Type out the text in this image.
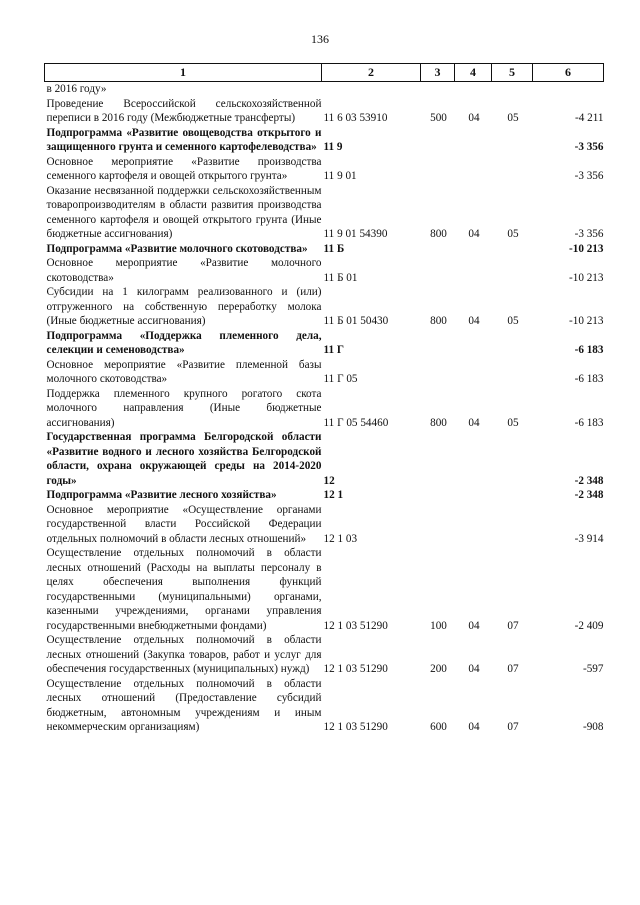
136
1	2	3	4	5	6
в 2016 году»					
Проведение Всероссийской сельскохозяйственной переписи в 2016 году (Межбюджетные трансферты)	11 6 03 53910	500	04	05	-4 211
Подпрограмма «Развитие овощеводства открытого и защищенного грунта и семенного картофелеводства»	11 9				-3 356
Основное мероприятие «Развитие производства семенного картофеля и овощей открытого грунта»	11 9 01				-3 356
Оказание несвязанной поддержки сельскохозяйственным товаропроизводителям в области развития производства семенного картофеля и овощей открытого грунта (Иные бюджетные ассигнования)	11 9 01 54390	800	04	05	-3 356
Подпрограмма «Развитие молочного скотоводства»	11 Б				-10 213
Основное мероприятие «Развитие молочного скотоводства»	11 Б 01				-10 213
Субсидии на 1 килограмм реализованного и (или) отгруженного на собственную переработку молока (Иные бюджетные ассигнования)	11 Б 01 50430	800	04	05	-10 213
Подпрограмма «Поддержка племенного дела, селекции и семеноводства»	11 Г				-6 183
Основное мероприятие «Развитие племенной базы молочного скотоводства»	11 Г 05				-6 183
Поддержка племенного крупного рогатого скота молочного направления (Иные бюджетные ассигнования)	11 Г 05 54460	800	04	05	-6 183
Государственная программа Белгородской области «Развитие водного и лесного хозяйства Белгородской области, охрана окружающей среды на 2014-2020 годы»	12				-2 348
Подпрограмма «Развитие лесного хозяйства»	12 1				-2 348
Основное мероприятие «Осуществление органами государственной власти Российской Федерации отдельных полномочий в области лесных отношений»	12 1 03				-3 914
Осуществление отдельных полномочий в области лесных отношений (Расходы на выплаты персоналу в целях обеспечения выполнения функций государственными (муниципальными) органами, казенными учреждениями, органами управления государственными внебюджетными фондами)	12 1 03 51290	100	04	07	-2 409
Осуществление отдельных полномочий в области лесных отношений (Закупка товаров, работ и услуг для обеспечения государственных (муниципальных) нужд)	12 1 03 51290	200	04	07	-597
Осуществление отдельных полномочий в области лесных отношений (Предоставление субсидий бюджетным, автономным учреждениям и иным некоммерческим организациям)	12 1 03 51290	600	04	07	-908
